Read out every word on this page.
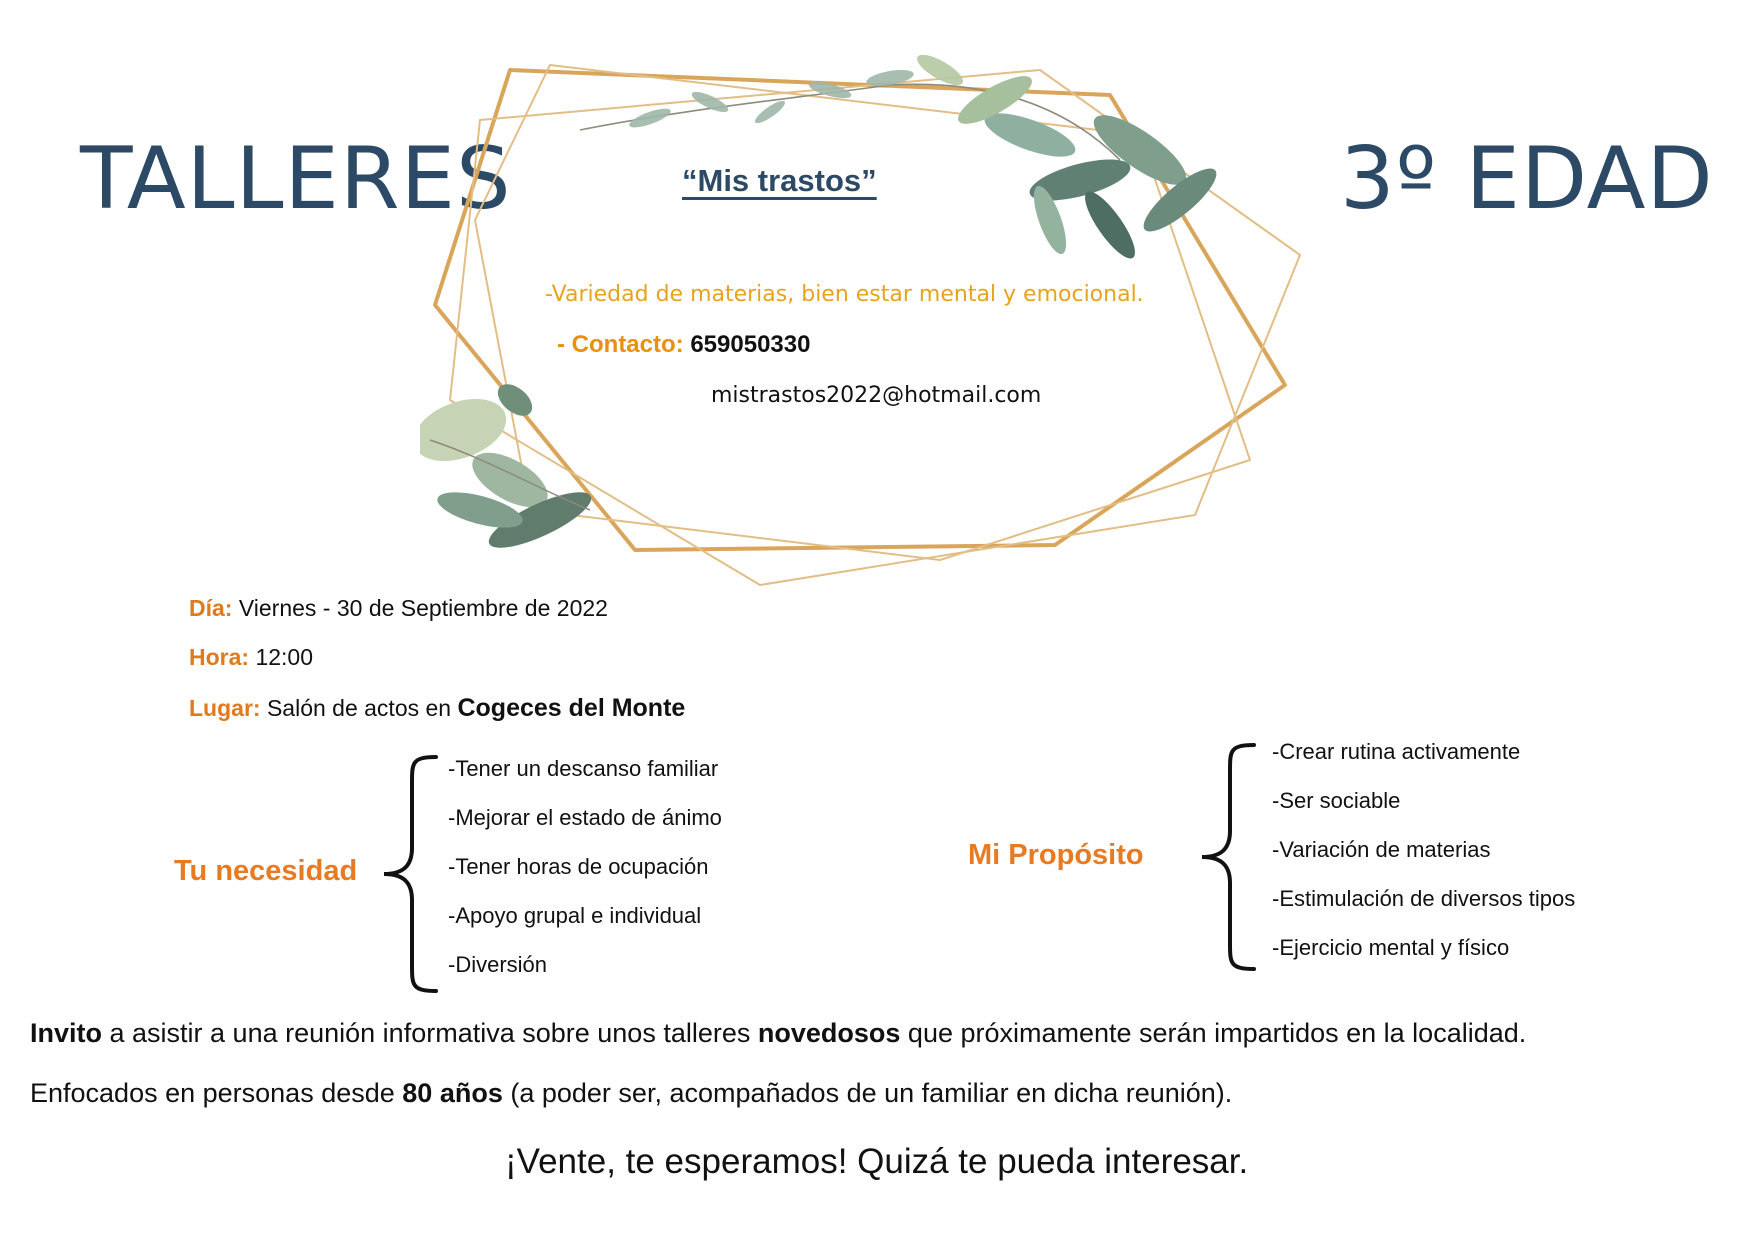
TALLERES	3º EDAD
“Mis trastos”
-Variedad de materias, bien estar mental y emocional.
- Contacto: 659050330
mistrastos2022@hotmail.com
Día: Viernes - 30 de Septiembre de 2022
Hora: 12:00
Lugar: Salón de actos en Cogeces del Monte
Tu necesidad
-Tener un descanso familiar
-Mejorar el estado de ánimo
-Tener horas de ocupación
-Apoyo grupal e individual
-Diversión
Mi Propósito
-Crear rutina activamente
-Ser sociable
-Variación de materias
-Estimulación de diversos tipos
-Ejercicio mental y físico
Invito a asistir a una reunión informativa sobre unos talleres novedosos que próximamente serán impartidos en la localidad.
Enfocados en personas desde 80 años (a poder ser, acompañados de un familiar en dicha reunión).
¡Vente, te esperamos! Quizá te pueda interesar.
